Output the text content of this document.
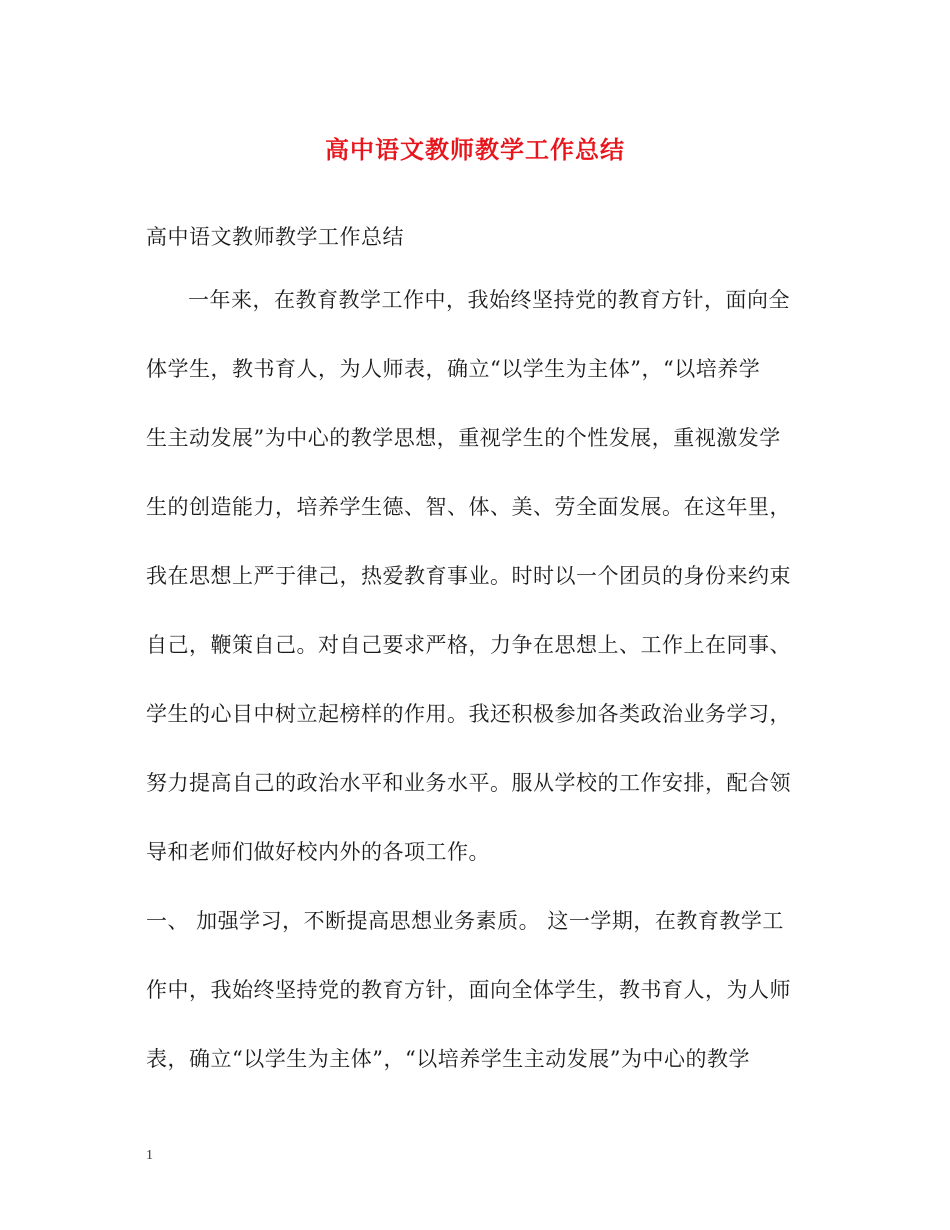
高中语文教师教学工作总结
高中语文教师教学工作总结
一年来，在教育教学工作中，我始终坚持党的教育方针，面向全
体学生，教书育人，为人师表，确立“以学生为主体”，“以培养学
生主动发展”为中心的教学思想，重视学生的个性发展，重视激发学
生的创造能力，培养学生德、智、体、美、劳全面发展。在这年里，
我在思想上严于律己，热爱教育事业。时时以一个团员的身份来约束
自己，鞭策自己。对自己要求严格，力争在思想上、工作上在同事、
学生的心目中树立起榜样的作用。我还积极参加各类政治业务学习，
努力提高自己的政治水平和业务水平。服从学校的工作安排，配合领
导和老师们做好校内外的各项工作。
一、 加强学习，不断提高思想业务素质。 这一学期，在教育教学工
作中，我始终坚持党的教育方针，面向全体学生，教书育人，为人师
表，确立“以学生为主体”，“以培养学生主动发展”为中心的教学
1
